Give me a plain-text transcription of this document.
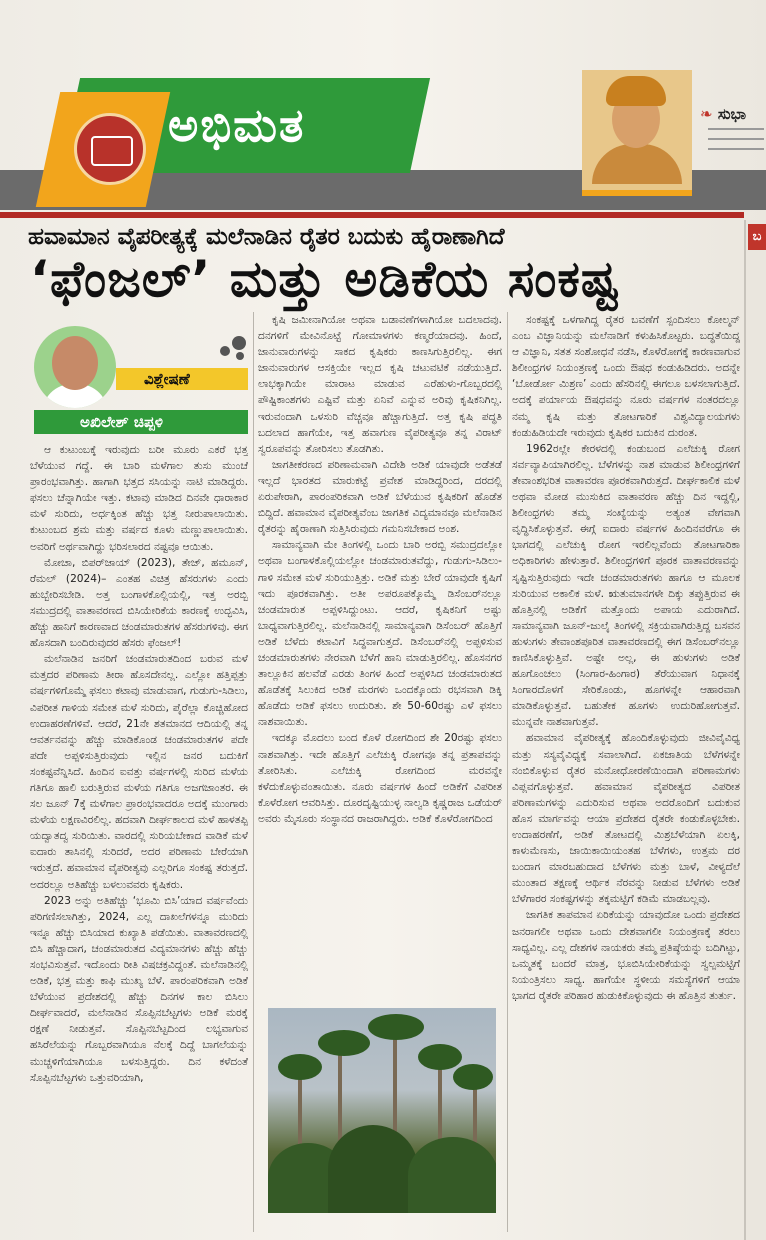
ಅಭಿಮತ	❧ ಸುಭಾ
ಬ
ಹವಾಮಾನ ವೈಪರೀತ್ಯಕ್ಕೆ ಮಲೆನಾಡಿನ ರೈತರ ಬದುಕು ಹೈರಾಣಾಗಿದೆ
‘ಫೆಂಜಲ್’ ಮತ್ತು ಅಡಿಕೆಯ ಸಂಕಷ್ಟ
ವಿಶ್ಲೇಷಣೆ
ಅಖಿಲೇಶ್ ಚಿಪ್ಪಳಿ

ಆ ಕುಟುಂಬಕ್ಕೆ ಇರುವುದು ಬರೀ ಮೂರು ಎಕರೆ ಭತ್ತ ಬೆಳೆಯುವ ಗದ್ದೆ. ಈ ಬಾರಿ ಮಳೆಗಾಲ ತುಸು ಮುಂಚೆ ಪ್ರಾರಂಭವಾಗಿತ್ತು. ಹಾಗಾಗಿ ಭತ್ತದ ಸಸಿಯನ್ನು ನಾಟಿ ಮಾಡಿದ್ದರು. ಫಸಲು ಚೆನ್ನಾಗಿಯೇ ಇತ್ತು. ಕಟಾವು ಮಾಡಿದ ದಿನವೇ ಧಾರಾಕಾರ ಮಳೆ ಸುರಿದು, ಅರ್ಧಕ್ಕಿಂತ ಹೆಚ್ಚು ಭತ್ತ ನೀರುಪಾಲಾಯಿತು. ಕುಟುಂಬದ ಶ್ರಮ ಮತ್ತು ವರ್ಷದ ಕೂಳು ಮಣ್ಣುಪಾಲಾಯಿತು. ಅವರಿಗೆ ಅರ್ಥವಾಗಿದ್ದು ಭರಿಸಲಾರದ ನಷ್ಟವೂ ಆಯಿತು.

ಮೋಚಾ, ಬಿಪರ್‌ಜಾಯ್ (2023), ತೇಜ್, ಹಮೂನ್, ರೆಮಲ್ (2024)– ಎಂತಹ ವಿಚಿತ್ರ ಹೆಸರುಗಳು ಎಂದು ಹುಬ್ಬೇರಿಸಬೇಡಿ. ಅತ್ತ ಬಂಗಾಳಕೊಲ್ಲಿಯಲ್ಲಿ, ಇತ್ತ ಅರಬ್ಬಿ ಸಮುದ್ರದಲ್ಲಿ ವಾತಾವರಣದ ಬಿಸಿಯೇರಿಕೆಯ ಕಾರಣಕ್ಕೆ ಉದ್ಭವಿಸಿ, ಹೆಚ್ಚು ಹಾನಿಗೆ ಕಾರಣವಾದ ಚಂಡಮಾರುತಗಳ ಹೆಸರುಗಳಿವು. ಈಗ ಹೊಸದಾಗಿ ಬಂದಿರುವುದರ ಹೆಸರು ಫೆಂಜಲ್!

ಮಲೆನಾಡಿನ ಜನರಿಗೆ ಚಂಡಮಾರುತದಿಂದ ಬರುವ ಮಳೆ ಮತ್ತದರ ಪರಿಣಾಮ ತೀರಾ ಹೊಸದೇನಲ್ಲ. ಎಲ್ಲೋ ಹತ್ತಿಪ್ಪತ್ತು ವರ್ಷಗಳಿಗೊಮ್ಮೆ ಫಸಲು ಕಟಾವು ಮಾಡುವಾಗ, ಗುಡುಗು-ಸಿಡಿಲು, ವಿಪರೀತ ಗಾಳಿಯ ಸಮೇತ ಮಳೆ ಸುರಿದು, ಪೈರೆಲ್ಲಾ ಕೊಚ್ಚಿಹೋದ ಉದಾಹರಣೆಗಳಿವೆ. ಆದರೆ, 21ನೇ ಶತಮಾನದ ಆದಿಯಲ್ಲಿ ತನ್ನ ಆವರ್ತನವನ್ನು ಹೆಚ್ಚು ಮಾಡಿಕೊಂಡ ಚಂಡಮಾರುತಗಳ ಪದೇ ಪದೇ ಅಪ್ಪಳಿಸುತ್ತಿರುವುದು ಇಲ್ಲಿನ ಜನರ ಬದುಕಿಗೆ ಸಂಕಷ್ಟವೆನ್ನಿಸಿದೆ. ಹಿಂದಿನ ಐವತ್ತು ವರ್ಷಗಳಲ್ಲಿ ಸುರಿದ ಮಳೆಯ ಗತಿಗೂ ಹಾಲಿ ಬರುತ್ತಿರುವ ಮಳೆಯ ಗತಿಗೂ ಅಜಗಜಾಂತರ. ಈ ಸಲ ಜೂನ್ 7ಕ್ಕೆ ಮಳೆಗಾಲ ಪ್ರಾರಂಭವಾದರೂ ಅದಕ್ಕೆ ಮುಂಗಾರು ಮಳೆಯ ಲಕ್ಷಣವಿರಲಿಲ್ಲ. ಹದವಾಗಿ ದೀರ್ಘಕಾಲದ ಮಳೆ ಹಾಳತಪ್ಪಿ ಯದ್ವಾತದ್ವ ಸುರಿಯಿತು. ವಾರದಲ್ಲಿ ಸುರಿಯಬೇಕಾದ ವಾಡಿಕೆ ಮಳೆ ಐದಾರು ತಾಸಿನಲ್ಲಿ ಸುರಿದರೆ, ಅದರ ಪರಿಣಾಮ ಬೇರೆಯಾಗಿ ಇರುತ್ತದೆ. ಹವಾಮಾನ ವೈಪರೀತ್ಯವು ಎಲ್ಲರಿಗೂ ಸಂಕಷ್ಟ ತರುತ್ತದೆ. ಅದರಲ್ಲೂ ಅತಿಹೆಚ್ಚು ಬಳಲುವವರು ಕೃಷಿಕರು.

2023 ಅನ್ನು ಅತಿಹೆಚ್ಚು ‘ಭೂಮಿ ಬಿಸಿ’ಯಾದ ವರ್ಷವೆಂದು ಪರಿಗಣಿಸಲಾಗಿತ್ತು, 2024, ಎಲ್ಲ ದಾಖಲೆಗಳನ್ನೂ ಮುರಿದು ಇನ್ನೂ ಹೆಚ್ಚು ಬಿಸಿಯಾದ ಕುಖ್ಯಾತಿ ಪಡೆಯಿತು. ವಾತಾವರಣದಲ್ಲಿ ಬಿಸಿ ಹೆಚ್ಚಾದಾಗ, ಚಂಡಮಾರುತದ ವಿದ್ಯಮಾನಗಳು ಹೆಚ್ಚು ಹೆಚ್ಚು ಸಂಭವಿಸುತ್ತವೆ. ಇದೊಂದು ರೀತಿ ವಿಷಚಕ್ರವಿದ್ದಂತೆ. ಮಲೆನಾಡಿನಲ್ಲಿ ಅಡಿಕೆ, ಭತ್ತ ಮತ್ತು ಕಾಫಿ ಮುಖ್ಯ ಬೆಳೆ. ಪಾರಂಪರಿಕವಾಗಿ ಅಡಿಕೆ ಬೆಳೆಯುವ ಪ್ರದೇಶದಲ್ಲಿ ಹೆಚ್ಚು ದಿನಗಳ ಕಾಲ ಬಿಸಿಲು ದೀರ್ಘವಾದರೆ, ಮಲೆನಾಡಿನ ಸೊಪ್ಪಿನಬೆಟ್ಟಗಳು ಅಡಿಕೆ ಮರಕ್ಕೆ ರಕ್ಷಣೆ ನೀಡುತ್ತವೆ. ಸೊಪ್ಪಿನಬೆಟ್ಟದಿಂದ ಲಭ್ಯವಾಗುವ ಹಸಿರೆಲೆಯನ್ನು ಗೊಬ್ಬರವಾಗಿಯೂ ನೆಲಕ್ಕೆ ದಿದ್ದೆ ಬಾಗಲೆಯನ್ನು ಮುಚ್ಚಳಿಗೆಯಾಗಿಯೂ ಬಳಸುತ್ತಿದ್ದರು. ದಿನ ಕಳೆದಂತೆ ಸೊಪ್ಪಿನಬೆಟ್ಟಗಳು ಒತ್ತುವರಿಯಾಗಿ,

ಕೃಷಿ ಜಮೀನಾಗಿಯೋ ಅಥವಾ ಬಡಾವಣೆಗಳಾಗಿಯೋ ಬದಲಾದವು. ದನಗಳಿಗೆ ಮೇವಿನೊಟ್ಟೆ ಗೋಮಾಳಗಳು ಕಣ್ಮರೆಯಾದವು. ಹಿಂದೆ, ಜಾನುವಾರುಗಳನ್ನು ಸಾಕದ ಕೃಷಿಕರು ಕಾಣಸಿಗುತ್ತಿರಲಿಲ್ಲ. ಈಗ ಜಾನುವಾರುಗಳ ಆಸಕ್ತಿಯೇ ಇಲ್ಲದ ಕೃಷಿ ಚಟುವಟಿಕೆ ನಡೆಯುತ್ತಿದೆ. ಲಾಭಕ್ಕಾಗಿಯೇ ಮಾರಾಟ ಮಾಡುವ ಎರೆಹುಳು-ಗೊಬ್ಬರದಲ್ಲಿ ಪೌಷ್ಟಿಕಾಂಶಗಳು ಎಷ್ಟಿವೆ ಮತ್ತು ಏನಿವೆ ಎನ್ನುವ ಅರಿವು ಕೃಷಿಕನಿಗಿಲ್ಲ. ಇರುವಂದಾಗಿ ಒಳಸುರಿ ವೆಚ್ಚವೂ ಹೆಚ್ಚಾಗುತ್ತಿದೆ. ಅತ್ತ ಕೃಷಿ ಪದ್ಧತಿ ಬದಲಾದ ಹಾಗೆಯೇ, ಇತ್ತ ಹವಾಗುಣ ವೈಪರೀತ್ಯವೂ ತನ್ನ ವಿರಾಟ್ ಸ್ವರೂಪವನ್ನು ತೋರಿಸಲು ತೊಡಗಿತು.

ಜಾಗತೀಕರಣದ ಪರಿಣಾಮವಾಗಿ ವಿದೇಶಿ ಅಡಿಕೆ ಯಾವುದೇ ಅಡೆತಡೆ ಇಲ್ಲದೆ ಭಾರತದ ಮಾರುಕಟ್ಟೆ ಪ್ರವೇಶ ಮಾಡಿದ್ದರಿಂದ, ದರದಲ್ಲಿ ಏರುಪೇರಾಗಿ, ಪಾರಂಪರಿಕವಾಗಿ ಅಡಿಕೆ ಬೆಳೆಯುವ ಕೃಷಿಕರಿಗೆ ಹೊಡೆತ ಬಿದ್ದಿದೆ. ಹವಾಮಾನ ವೈಪರೀತ್ಯವೆಂಬ ಜಾಗತಿಕ ವಿದ್ಯಮಾನವೂ ಮಲೆನಾಡಿನ ರೈತರನ್ನು ಹೈರಾಣಾಗಿ ಸುತ್ತಿಸಿರುವುದು ಗಮನಿಸಬೇಕಾದ ಅಂಶ.

ಸಾಮಾನ್ಯವಾಗಿ ಮೇ ತಿಂಗಳಲ್ಲಿ ಒಂದು ಬಾರಿ ಅರಬ್ಬಿ ಸಮುದ್ರದಲ್ಲೋ ಅಥವಾ ಬಂಗಾಳಕೊಲ್ಲಿಯಲ್ಲೋ ಚಂಡಮಾರುತವೆದ್ದು, ಗುಡುಗು-ಸಿಡಿಲು-ಗಾಳಿ ಸಮೇತ ಮಳೆ ಸುರಿಯುತ್ತಿತ್ತು. ಅಡಿಕೆ ಮತ್ತು ಬೇರೆ ಯಾವುದೇ ಕೃಷಿಗೆ ಇದು ಪೂರಕವಾಗಿತ್ತು. ಅತೀ ಅಪರೂಪಕ್ಕೊಮ್ಮೆ ಡಿಸೆಂಬರ್‌ನಲ್ಲೂ ಚಂಡಮಾರುತ ಅಪ್ಪಳಿಸಿದ್ದುಂಟು. ಆದರೆ, ಕೃಷಿಕನಿಗೆ ಅಷ್ಟು ಬಾಧ್ಯವಾಗುತ್ತಿರಲಿಲ್ಲ. ಮಲೆನಾಡಿನಲ್ಲಿ ಸಾಮಾನ್ಯವಾಗಿ ಡಿಸೆಂಬರ್ ಹೊತ್ತಿಗೆ ಅಡಿಕೆ ಬೆಳೆದು ಕಟಾವಿಗೆ ಸಿದ್ಧವಾಗುತ್ತದೆ. ಡಿಸೆಂಬರ್‌ನಲ್ಲಿ ಅಪ್ಪಳಿಸುವ ಚಂಡಮಾರುತಗಳು ನೇರವಾಗಿ ಬೆಳೆಗೆ ಹಾನಿ ಮಾಡುತ್ತಿರಲಿಲ್ಲ. ಹೊಸನಗರ ತಾಲ್ಲೂಕಿನ ಹಲವೆಡೆ ಎರಡು ತಿಂಗಳ ಹಿಂದೆ ಅಪ್ಪಳಿಸಿದ ಚಂಡಮಾರುತದ ಹೊಡೆತಕ್ಕೆ ಸಿಲುಕಿದ ಅಡಿಕೆ ಮರಗಳು ಒಂದಕ್ಕೊಂದು ರಭಸವಾಗಿ ಡಿಕ್ಕಿ ಹೊಡೆದು ಅಡಿಕೆ ಫಸಲು ಉದುರಿತು. ಶೇ 50-60ರಷ್ಟು ಎಳೆ ಫಸಲು ನಾಶವಾಯಿತು.

ಇದಕ್ಕೂ ಮೊದಲು ಬಂದ ಕೊಳೆ ರೋಗದಿಂದ ಶೇ 20ರಷ್ಟು ಫಸಲು ನಾಶವಾಗಿತ್ತು. ಇದೇ ಹೊತ್ತಿಗೆ ಎಲೆಚುಕ್ಕಿ ರೋಗವೂ ತನ್ನ ಪ್ರತಾಪವನ್ನು ತೋರಿಸಿತು. ಎಲೆಚುಕ್ಕಿ ರೋಗದಿಂದ ಮರವನ್ನೇ ಕಳೆದುಕೊಳ್ಳುವಂತಾಯಿತು. ನೂರು ವರ್ಷಗಳ ಹಿಂದೆ ಅಡಿಕೆಗೆ ವಿಪರೀತ ಕೊಳೆರೋಗ ಆವರಿಸಿತ್ತು. ದೂರದೃಷ್ಟಿಯುಳ್ಳ ನಾಲ್ವಡಿ ಕೃಷ್ಣರಾಜ ಒಡೆಯರ್ ಅವರು ಮೈಸೂರು ಸಂಸ್ಥಾನದ ರಾಜರಾಗಿದ್ದರು. ಅಡಿಕೆ ಕೊಳೆರೋಗದಿಂದ

ಸಂಕಷ್ಟಕ್ಕೆ ಒಳಗಾಗಿದ್ದ ರೈತರ ಬವಣೆಗೆ ಸ್ಪಂದಿಸಲು ಕೋಲ್ಮನ್ ಎಂಬ ವಿಜ್ಞಾನಿಯನ್ನು ಮಲೆನಾಡಿಗೆ ಕಳುಹಿಸಿಕೊಟ್ಟರು. ಬದ್ಧತೆಯಿದ್ದ ಆ ವಿಜ್ಞಾನಿ, ಸತತ ಸಂಶೋಧನೆ ನಡೆಸಿ, ಕೊಳೆರೋಗಕ್ಕೆ ಕಾರಣವಾಗುವ ಶಿಲೀಂಧ್ರಗಳ ನಿಯಂತ್ರಣಕ್ಕೆ ಒಂದು ಔಷಧ ಕಂಡುಹಿಡಿದರು. ಅದನ್ನೇ ‘ಬೋರ್ಡೋ ಮಿಶ್ರಣ’ ಎಂದು ಹೆಸರಿನಲ್ಲಿ ಈಗಲೂ ಬಳಸಲಾಗುತ್ತಿದೆ. ಅದಕ್ಕೆ ಪರ್ಯಾಯ ಔಷಧವನ್ನು ನೂರು ವರ್ಷಗಳ ನಂತರದಲ್ಲೂ ನಮ್ಮ ಕೃಷಿ ಮತ್ತು ತೋಟಗಾರಿಕೆ ವಿಶ್ವವಿದ್ಯಾಲಯಗಳು ಕಂಡುಹಿಡಿಯದೇ ಇರುವುದು ಕೃಷಿಕರ ಬದುಕಿನ ದುರಂತ.

1962ರಲ್ಲೇ ಕೇರಳದಲ್ಲಿ ಕಂಡುಬಂದ ಎಲೆಚುಕ್ಕಿ ರೋಗ ಸರ್ವವ್ಯಾಪಿಯಾಗಿರಲಿಲ್ಲ. ಬೆಳೆಗಳನ್ನು ನಾಶ ಮಾಡುವ ಶಿಲೀಂಧ್ರಗಳಿಗೆ ತೇವಾಂಶಭರಿತ ವಾತಾವರಣ ಪೂರಕವಾಗಿರುತ್ತದೆ. ದೀರ್ಘಕಾಲಿಕ ಮಳೆ ಅಥವಾ ಮೋಡ ಮುಸುಕಿದ ವಾತಾವರಣ ಹೆಚ್ಚು ದಿನ ಇದ್ದಲ್ಲಿ, ಶಿಲೀಂಧ್ರಗಳು ತಮ್ಮ ಸಂಖ್ಯೆಯನ್ನು ಅತ್ಯಂತ ವೇಗವಾಗಿ ವೃದ್ಧಿಸಿಕೊಳ್ಳುತ್ತವೆ. ಈಗ್ಗೆ ಐದಾರು ವರ್ಷಗಳ ಹಿಂದಿನವರೆಗೂ ಈ ಭಾಗದಲ್ಲಿ ಎಲೆಚುಕ್ಕಿ ರೋಗ ಇರಲಿಲ್ಲವೆಂದು ತೋಟಗಾರಿಕಾ ಅಧಿಕಾರಿಗಳು ಹೇಳುತ್ತಾರೆ. ಶಿಲೀಂಧ್ರಗಳಿಗೆ ಪೂರಕ ವಾತಾವರಣವನ್ನು ಸೃಷ್ಟಿಸುತ್ತಿರುವುದು ಇದೇ ಚಂಡಮಾರುತಗಳು ಹಾಗೂ ಆ ಮೂಲಕ ಸುರಿಯುವ ಅಕಾಲಿಕ ಮಳೆ. ಋತುಮಾನಗಳೇ ದಿಕ್ಕು ತಪ್ಪುತ್ತಿರುವ ಈ ಹೊತ್ತಿನಲ್ಲಿ ಅಡಿಕೆಗೆ ಮತ್ತೊಂದು ಅಪಾಯ ಎದುರಾಗಿದೆ. ಸಾಮಾನ್ಯವಾಗಿ ಜೂನ್-ಜುಲೈ ತಿಂಗಳಲ್ಲಿ ಸಕ್ರಿಯವಾಗಿರುತ್ತಿದ್ದ ಬಸವನ ಹುಳುಗಳು ತೇವಾಂಶಪೂರಿತ ವಾತಾವರಣದಲ್ಲಿ ಈಗ ಡಿಸೆಂಬರ್‌ನಲ್ಲೂ ಕಾಣಿಸಿಕೊಳ್ಳುತ್ತಿವೆ. ಅಷ್ಟೇ ಅಲ್ಲ, ಈ ಹುಳುಗಳು ಅಡಿಕೆ ಹೂಗೊಂಚಲು (ಸಿಂಗಾರ-ಹಿಂಗಾರ) ತೆರೆಯುವಾಗ ನಿಧಾನಕ್ಕೆ ಸಿಂಗಾರದೊಳಗೆ ಸೇರಿಕೊಂಡು, ಹೂಗಳನ್ನೇ ಆಹಾರವಾಗಿ ಮಾಡಿಕೊಳ್ಳುತ್ತವೆ. ಬಹುತೇಕ ಹೂಗಳು ಉದುರಿಹೋಗುತ್ತವೆ. ಮುನ್ನವೇ ನಾಶವಾಗುತ್ತವೆ.

ಹವಾಮಾನ ವೈಪರೀತ್ಯಕ್ಕೆ ಹೊಂದಿಕೊಳ್ಳುವುದು ಜೀವಿವೈವಿಧ್ಯ ಮತ್ತು ಸಸ್ಯವೈವಿಧ್ಯಕ್ಕೆ ಸವಾಲಾಗಿದೆ. ಏಕಜಾತಿಯ ಬೆಳೆಗಳನ್ನೇ ನಂಬಿಕೊಳ್ಳುವ ರೈತರ ಮನೋಧೋರಣೆಯಿಂದಾಗಿ ಪರಿಣಾಮಗಳು ವಿಪ್ಲವಗೊಳ್ಳುತ್ತವೆ. ಹವಾಮಾನ ವೈಪರೀತ್ಯದ ವಿಪರೀತ ಪರಿಣಾಮಗಳನ್ನು ಎದುರಿಸುವ ಅಥವಾ ಅದರೊಂದಿಗೆ ಬದುಕುವ ಹೊಸ ಮಾರ್ಗವನ್ನು ಆಯಾ ಪ್ರದೇಶದ ರೈತರೇ ಕಂಡುಕೊಳ್ಳಬೇಕು. ಉದಾಹರಣೆಗೆ, ಅಡಿಕೆ ತೋಟದಲ್ಲಿ ಮಿಶ್ರಬೆಳೆಯಾಗಿ ಏಲಕ್ಕಿ, ಕಾಳುಮೆಣಸು, ಜಾಯಿಕಾಯಿಯಂತಹ ಬೆಳೆಗಳು, ಉತ್ತಮ ದರ ಬಂದಾಗ ಮಾರಬಹುದಾದ ಬೆಳೆಗಳು ಮತ್ತು ಬಾಳೆ, ವೀಳ್ಯದೆಲೆ ಮುಂತಾದ ತಕ್ಷಣಕ್ಕೆ ಆರ್ಥಿಕ ನೆರವನ್ನು ನೀಡುವ ಬೆಳೆಗಳು ಅಡಿಕೆ ಬೆಳೆಗಾರರ ಸಂಕಷ್ಟಗಳನ್ನು ತಕ್ಕಮಟ್ಟಿಗೆ ಕಡಿಮೆ ಮಾಡಬಲ್ಲವು.

ಜಾಗತಿಕ ತಾಪಮಾನ ಏರಿಕೆಯನ್ನು ಯಾವುದೋ ಒಂದು ಪ್ರದೇಶದ ಜನರಾಗಲೀ ಅಥವಾ ಒಂದು ದೇಶವಾಗಲೀ ನಿಯಂತ್ರಣಕ್ಕೆ ತರಲು ಸಾಧ್ಯವಿಲ್ಲ. ಎಲ್ಲ ದೇಶಗಳ ನಾಯಕರು ತಮ್ಮ ಪ್ರತಿಷ್ಠೆಯನ್ನು ಬದಿಗಿಟ್ಟು, ಒಮ್ಮತಕ್ಕೆ ಬಂದರೆ ಮಾತ್ರ, ಭೂಬಿಸಿಯೇರಿಕೆಯನ್ನು ಸ್ವಲ್ಪಮಟ್ಟಿಗೆ ನಿಯಂತ್ರಿಸಲು ಸಾಧ್ಯ. ಹಾಗೆಯೇ ಸ್ಥಳೀಯ ಸಮಸ್ಯೆಗಳಿಗೆ ಆಯಾ ಭಾಗದ ರೈತರೇ ಪರಿಹಾರ ಹುಡುಕಿಕೊಳ್ಳುವುದು ಈ ಹೊತ್ತಿನ ತುರ್ತು.
